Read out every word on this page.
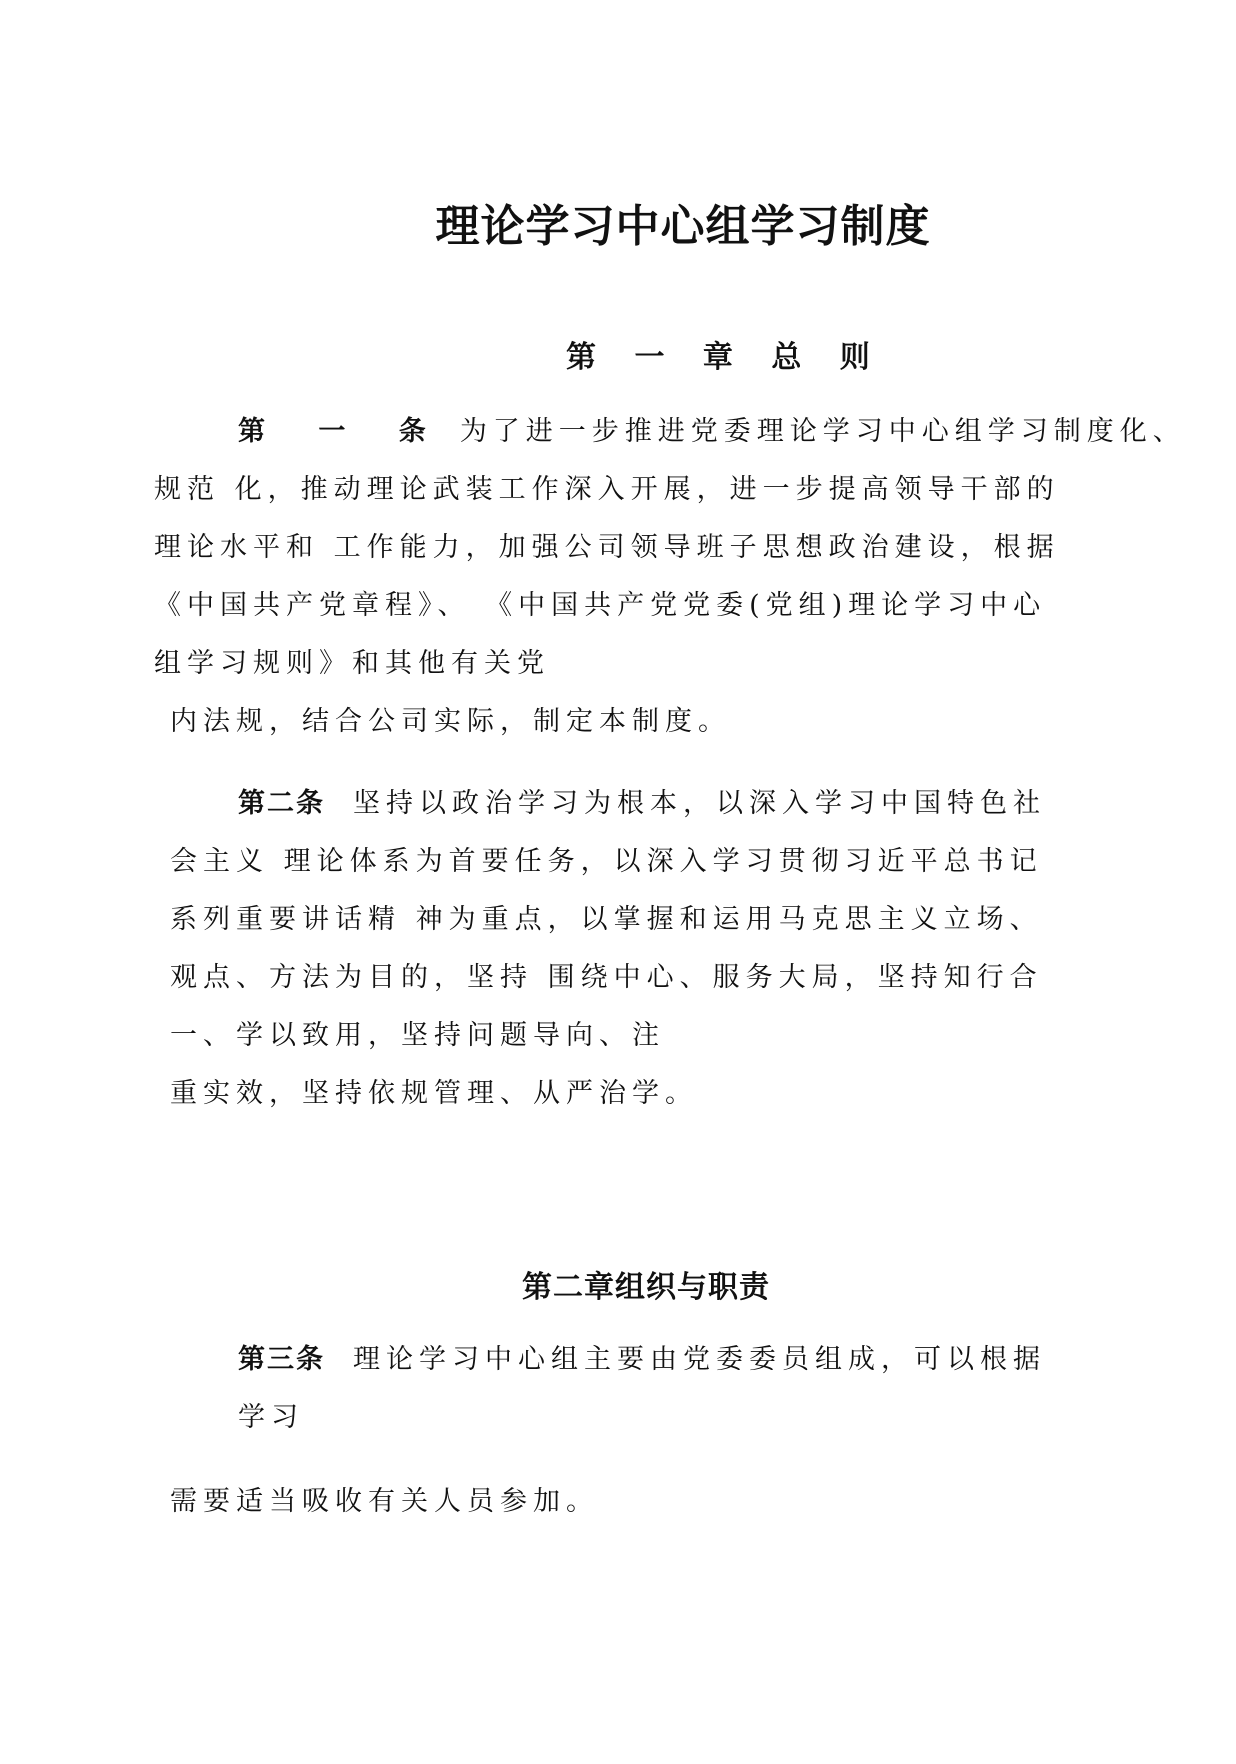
理论学习中心组学习制度
第 一 章 总 则
第 一 条 为了进一步推进党委理论学习中心组学习制度化、
规范 化，推动理论武装工作深入开展，进一步提高领导干部的
理论水平和 工作能力，加强公司领导班子思想政治建设，根据
《中国共产党章程》、 《中国共产党党委(党组)理论学习中心
组学习规则》和其他有关党
内法规，结合公司实际，制定本制度。
第二条 坚持以政治学习为根本，以深入学习中国特色社
会主义 理论体系为首要任务，以深入学习贯彻习近平总书记
系列重要讲话精 神为重点，以掌握和运用马克思主义立场、
观点、方法为目的，坚持 围绕中心、服务大局，坚持知行合
一、学以致用，坚持问题导向、注
重实效，坚持依规管理、从严治学。
第二章组织与职责
第三条 理论学习中心组主要由党委委员组成，可以根据
学习
需要适当吸收有关人员参加。
